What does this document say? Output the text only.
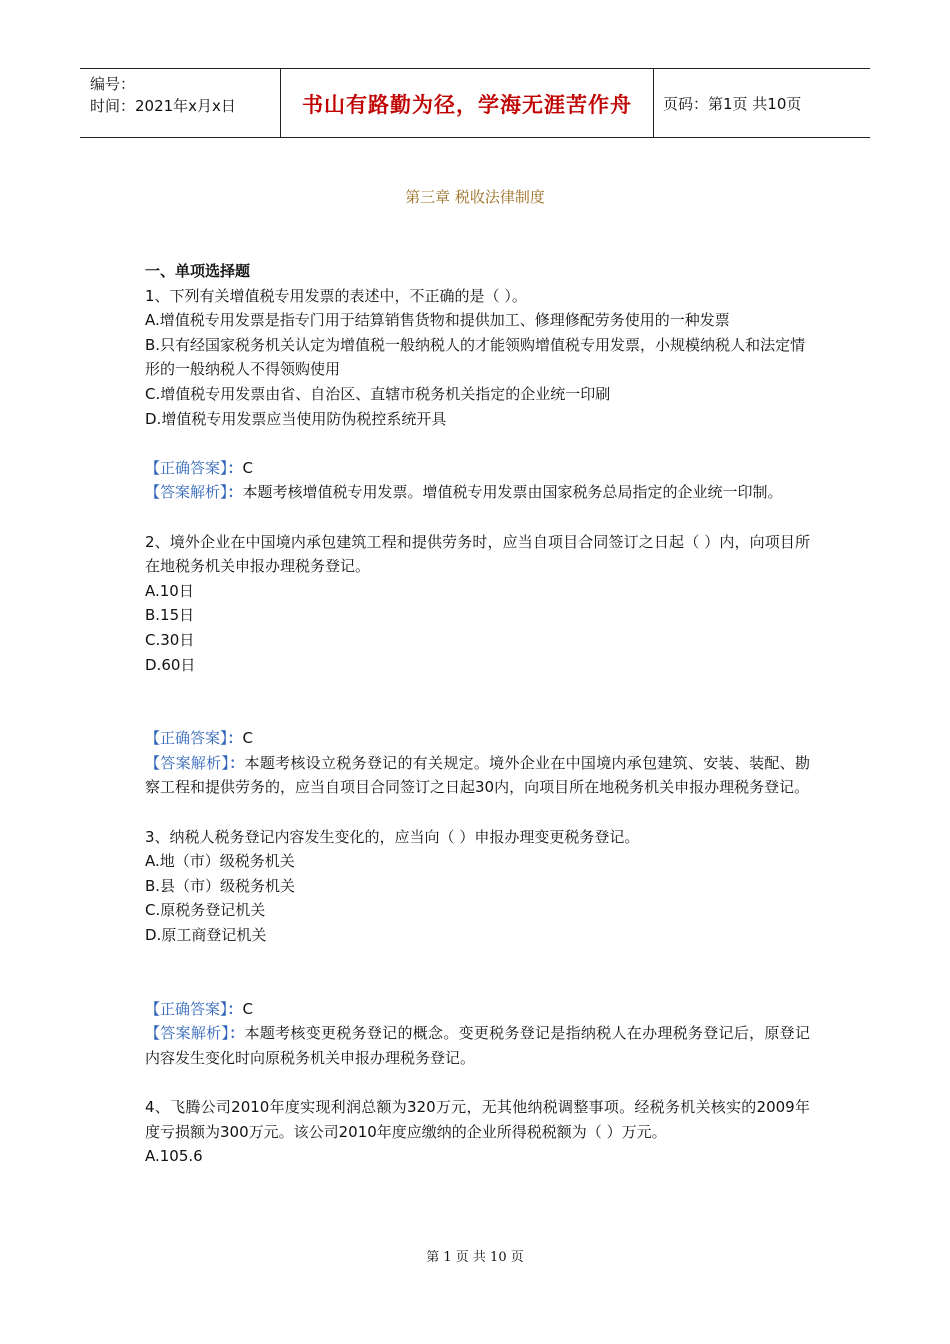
编号：
时间：2021年x月x日	书山有路勤为径，学海无涯苦作舟	页码：第1页 共10页
第三章 税收法律制度

一、单项选择题

1、下列有关增值税专用发票的表述中，不正确的是（ ）。

A.增值税专用发票是指专门用于结算销售货物和提供加工、修理修配劳务使用的一种发票

B.只有经国家税务机关认定为增值税一般纳税人的才能领购增值税专用发票，小规模纳税人和法定情形的一般纳税人不得领购使用

C.增值税专用发票由省、自治区、直辖市税务机关指定的企业统一印刷

D.增值税专用发票应当使用防伪税控系统开具

【正确答案】：C

【答案解析】：本题考核增值税专用发票。增值税专用发票由国家税务总局指定的企业统一印制。

2、境外企业在中国境内承包建筑工程和提供劳务时，应当自项目合同签订之日起（ ）内，向项目所在地税务机关申报办理税务登记。

A.10日

B.15日

C.30日

D.60日

【正确答案】：C

【答案解析】：本题考核设立税务登记的有关规定。境外企业在中国境内承包建筑、安装、装配、勘察工程和提供劳务的，应当自项目合同签订之日起30内，向项目所在地税务机关申报办理税务登记。

3、纳税人税务登记内容发生变化的，应当向（ ）申报办理变更税务登记。

A.地（市）级税务机关

B.县（市）级税务机关

C.原税务登记机关

D.原工商登记机关

【正确答案】：C

【答案解析】：本题考核变更税务登记的概念。变更税务登记是指纳税人在办理税务登记后，原登记内容发生变化时向原税务机关申报办理税务登记。

4、飞腾公司2010年度实现利润总额为320万元，无其他纳税调整事项。经税务机关核实的2009年度亏损额为300万元。该公司2010年度应缴纳的企业所得税税额为（ ）万元。

A.105.6

第 1 页 共 10 页
